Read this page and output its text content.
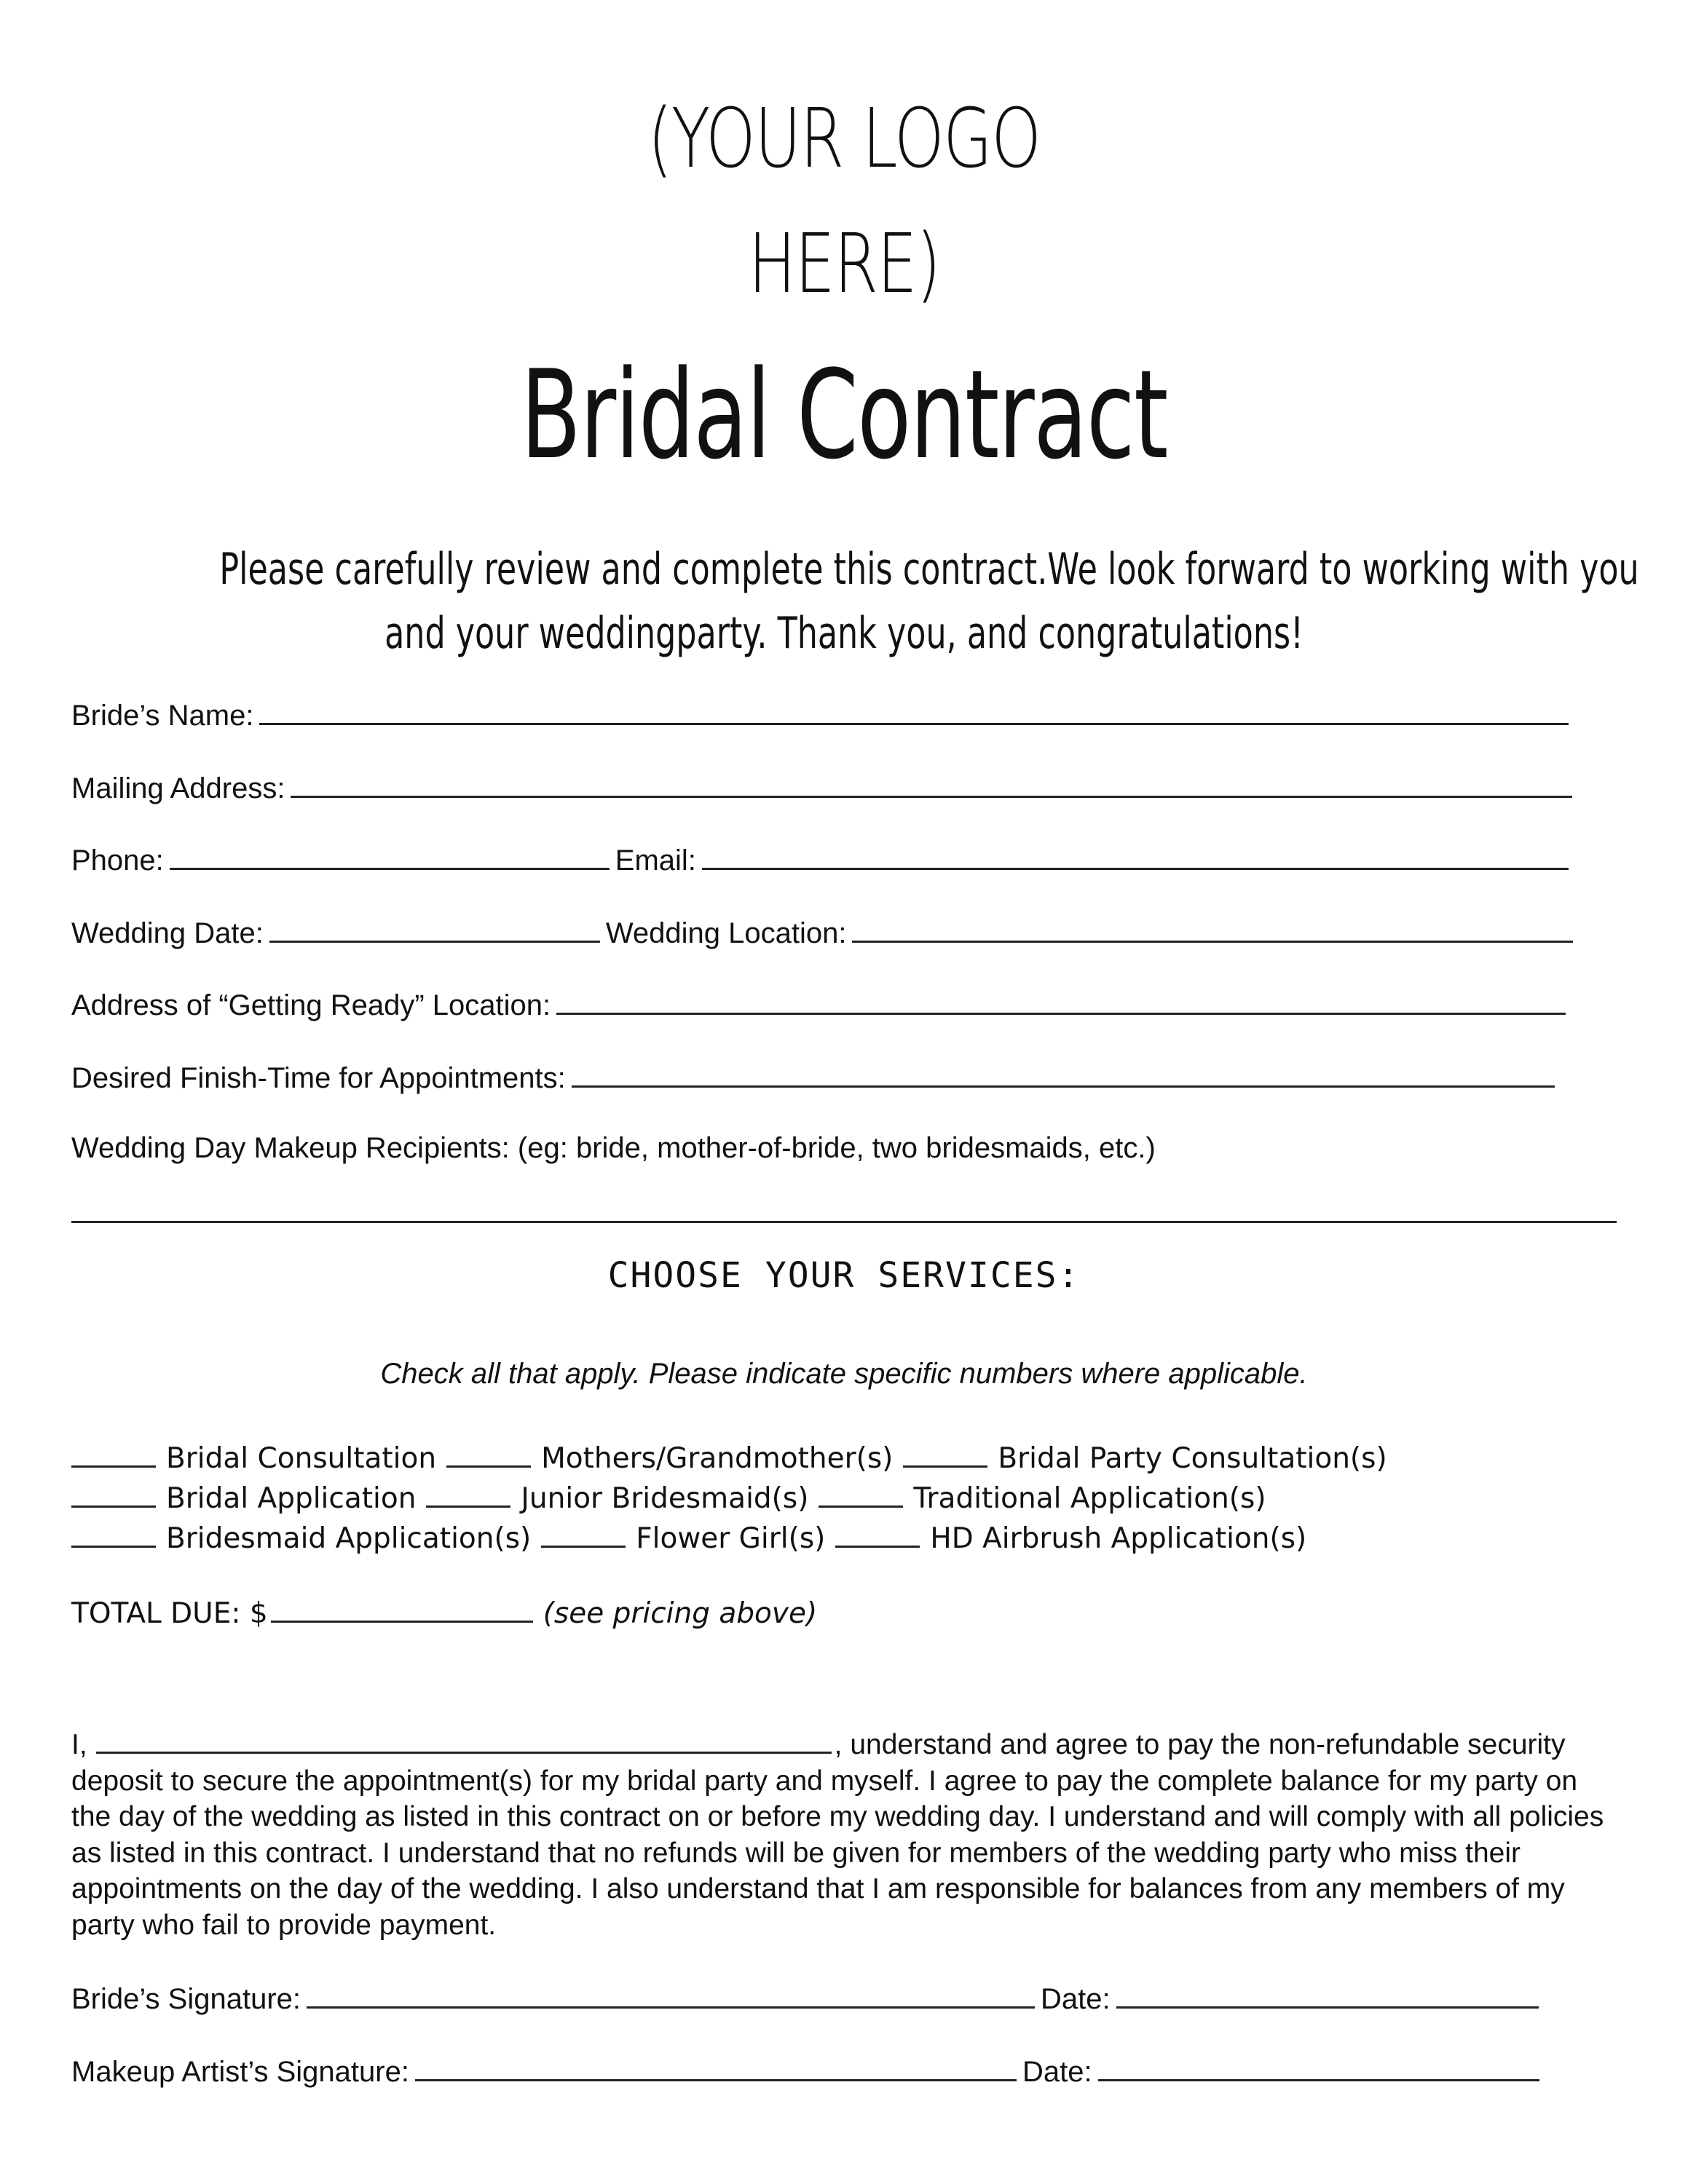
(YOUR LOGO
HERE)
Bridal Contract
Please carefully review and complete this contract.We look forward to working with you
and your weddingparty. Thank you, and congratulations!
Bride’s Name:
Mailing Address:
Phone:	Email:
Wedding Date:	Wedding Location:
Address of “Getting Ready” Location:
Desired Finish-Time for Appointments:
Wedding Day Makeup Recipients: (eg: bride, mother-of-bride, two bridesmaids, etc.)
CHOOSE YOUR SERVICES:
Check all that apply. Please indicate specific numbers where applicable.
Bridal Consultation	Mothers/Grandmother(s)	Bridal Party Consultation(s)
Bridal Application	Junior Bridesmaid(s)	Traditional Application(s)
Bridesmaid Application(s)	Flower Girl(s)	HD Airbrush Application(s)
TOTAL DUE: $	(see pricing above)
I,	, understand and agree to pay the non-refundable security deposit to secure the appointment(s) for my bridal party and myself. I agree to pay the complete balance for my party on the day of the wedding as listed in this contract on or before my wedding day. I understand and will comply with all policies as listed in this contract. I understand that no refunds will be given for members of the wedding party who miss their appointments on the day of the wedding. I also understand that I am responsible for balances from any members of my party who fail to provide payment.
Bride’s Signature:	Date:
Makeup Artist’s Signature:	Date:
